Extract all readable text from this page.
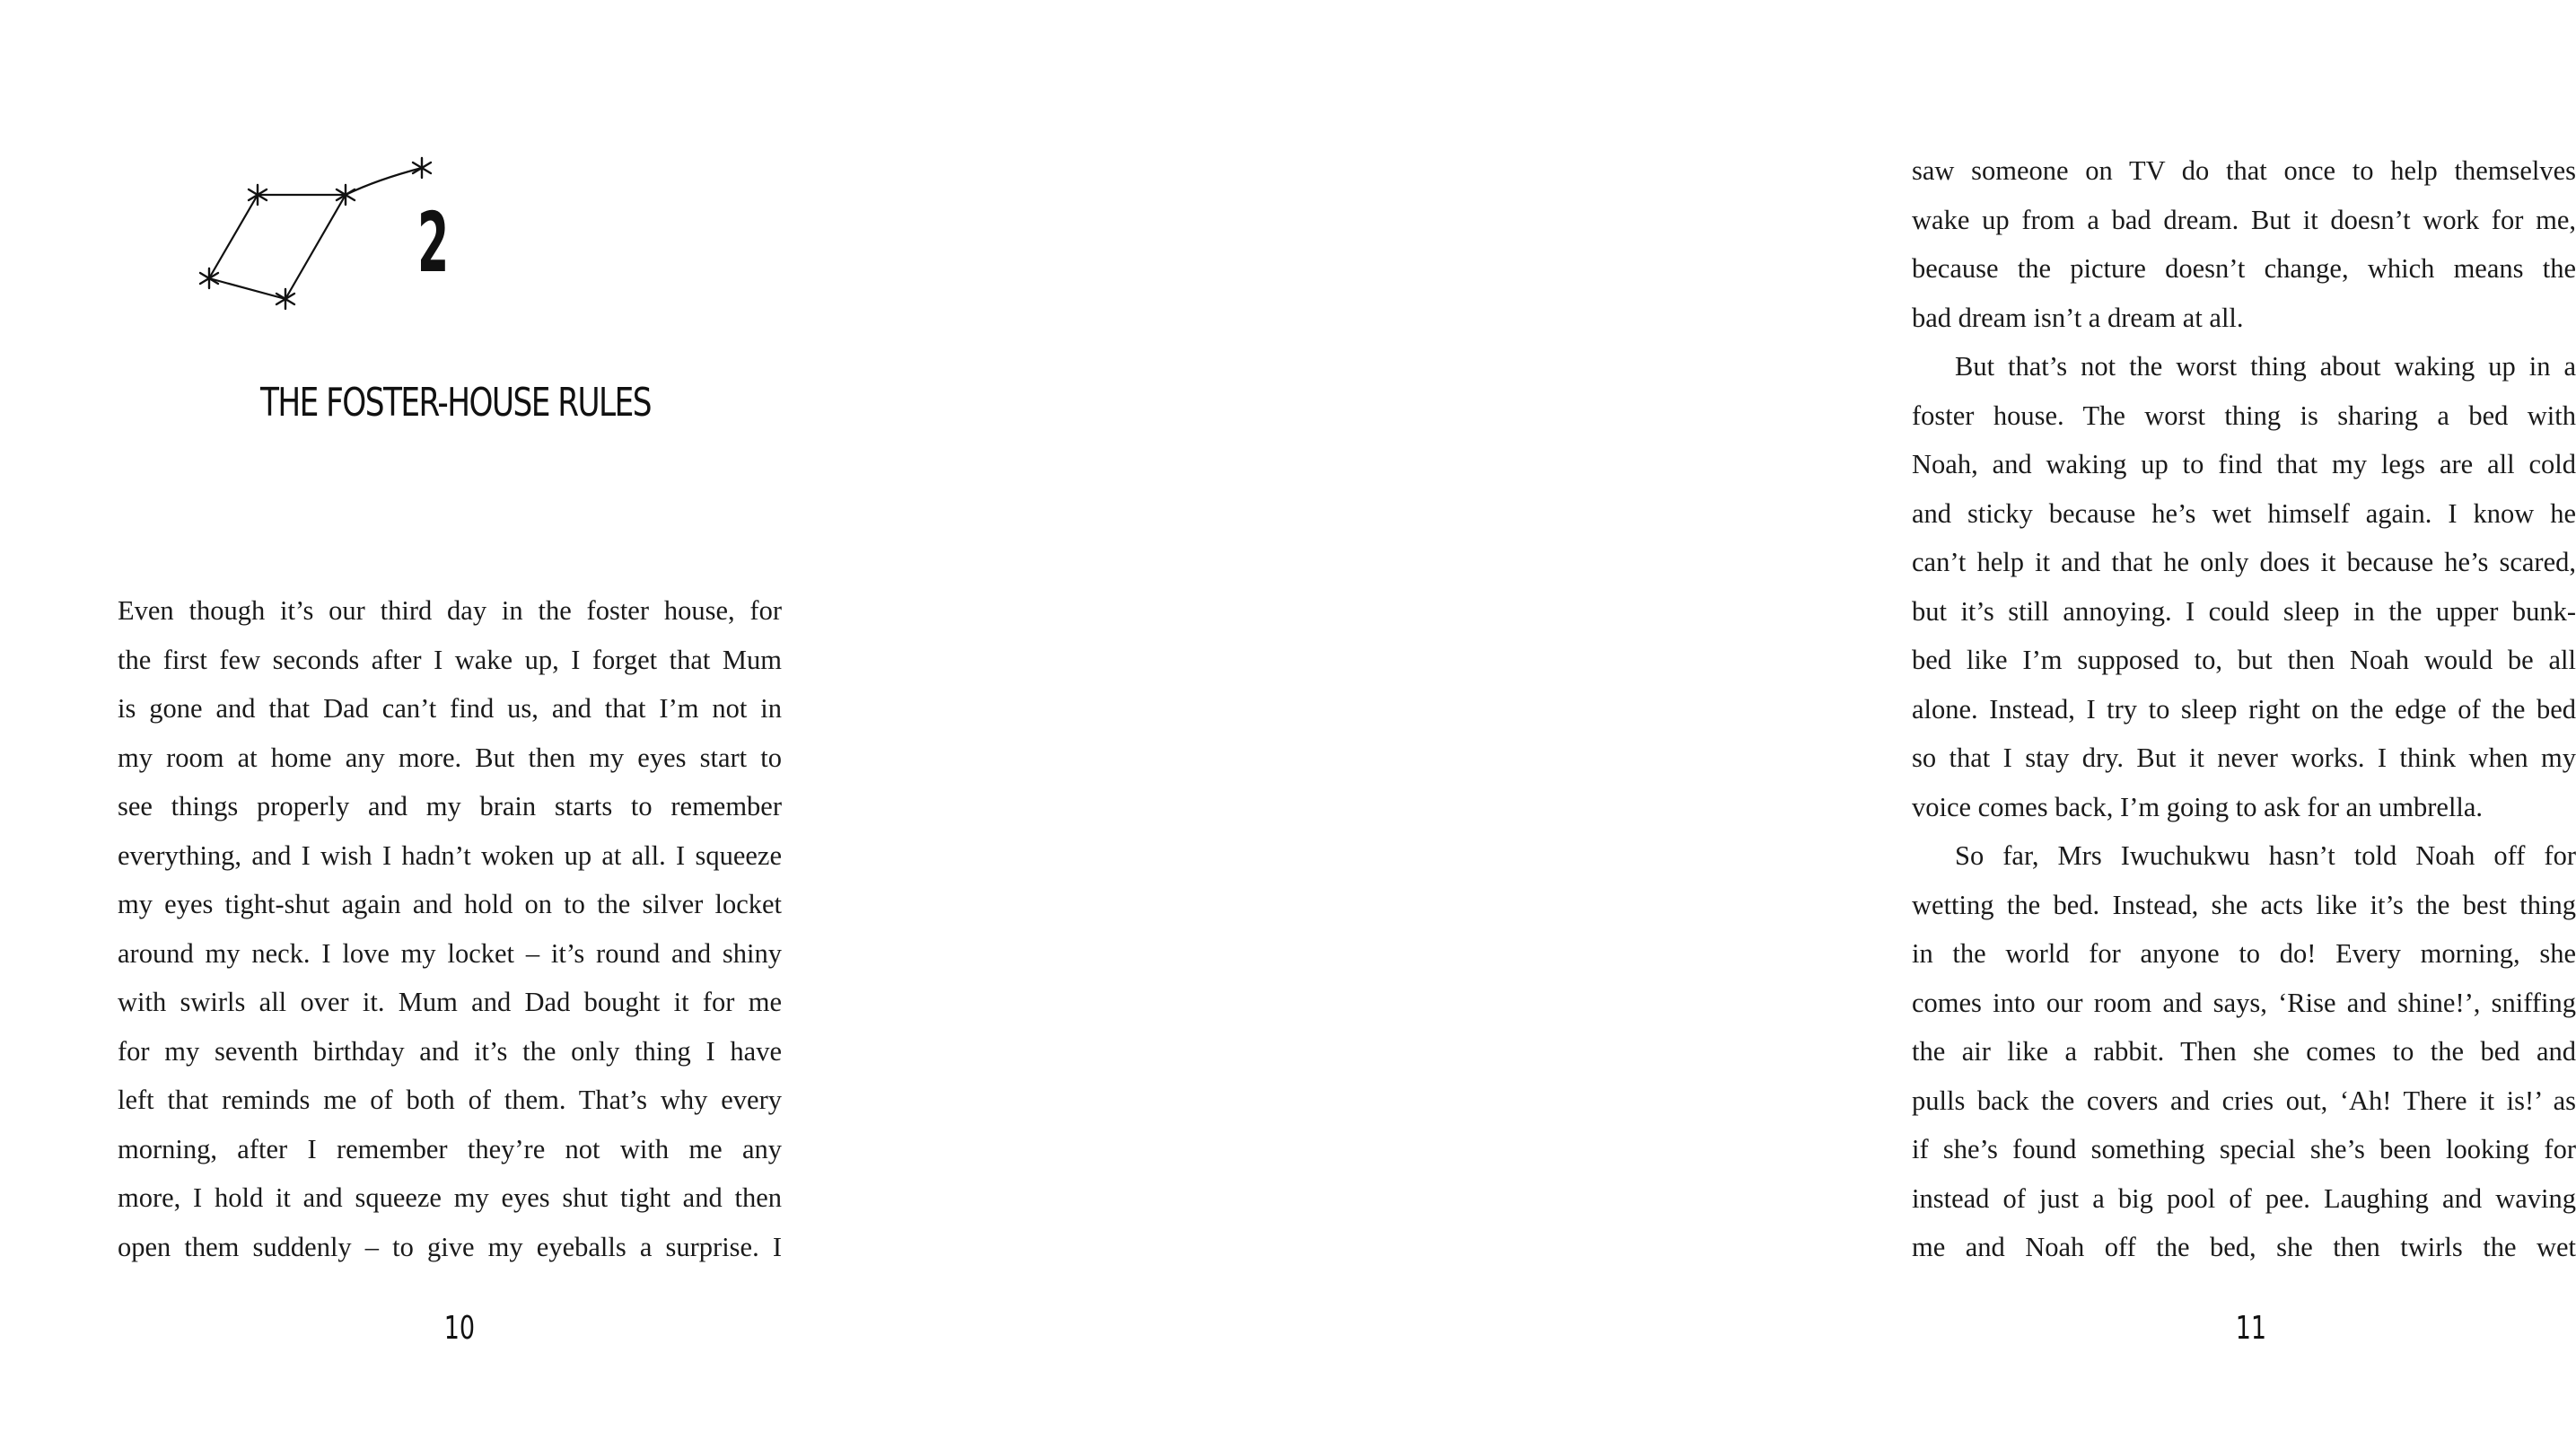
2
THE FOSTER-HOUSE RULES
Even though it’s our third day in the foster house, for
the first few seconds after I wake up, I forget that Mum
is gone and that Dad can’t find us, and that I’m not in
my room at home any more. But then my eyes start to
see things properly and my brain starts to remember
everything, and I wish I hadn’t woken up at all. I squeeze
my eyes tight-shut again and hold on to the silver locket
around my neck. I love my locket – it’s round and shiny
with swirls all over it. Mum and Dad bought it for me
for my seventh birthday and it’s the only thing I have
left that reminds me of both of them. That’s why every
morning, after I remember they’re not with me any
more, I hold it and squeeze my eyes shut tight and then
open them suddenly – to give my eyeballs a surprise. I
10
saw someone on TV do that once to help themselves
wake up from a bad dream. But it doesn’t work for me,
because the picture doesn’t change, which means the
bad dream isn’t a dream at all.
But that’s not the worst thing about waking up in a
foster house. The worst thing is sharing a bed with
Noah, and waking up to find that my legs are all cold
and sticky because he’s wet himself again. I know he
can’t help it and that he only does it because he’s scared,
but it’s still annoying. I could sleep in the upper bunk-
bed like I’m supposed to, but then Noah would be all
alone. Instead, I try to sleep right on the edge of the bed
so that I stay dry. But it never works. I think when my
voice comes back, I’m going to ask for an umbrella.
So far, Mrs Iwuchukwu hasn’t told Noah off for
wetting the bed. Instead, she acts like it’s the best thing
in the world for anyone to do! Every morning, she
comes into our room and says, ‘Rise and shine!’, sniffing
the air like a rabbit. Then she comes to the bed and
pulls back the covers and cries out, ‘Ah! There it is!’ as
if she’s found something special she’s been looking for
instead of just a big pool of pee. Laughing and waving
me and Noah off the bed, she then twirls the wet
11
